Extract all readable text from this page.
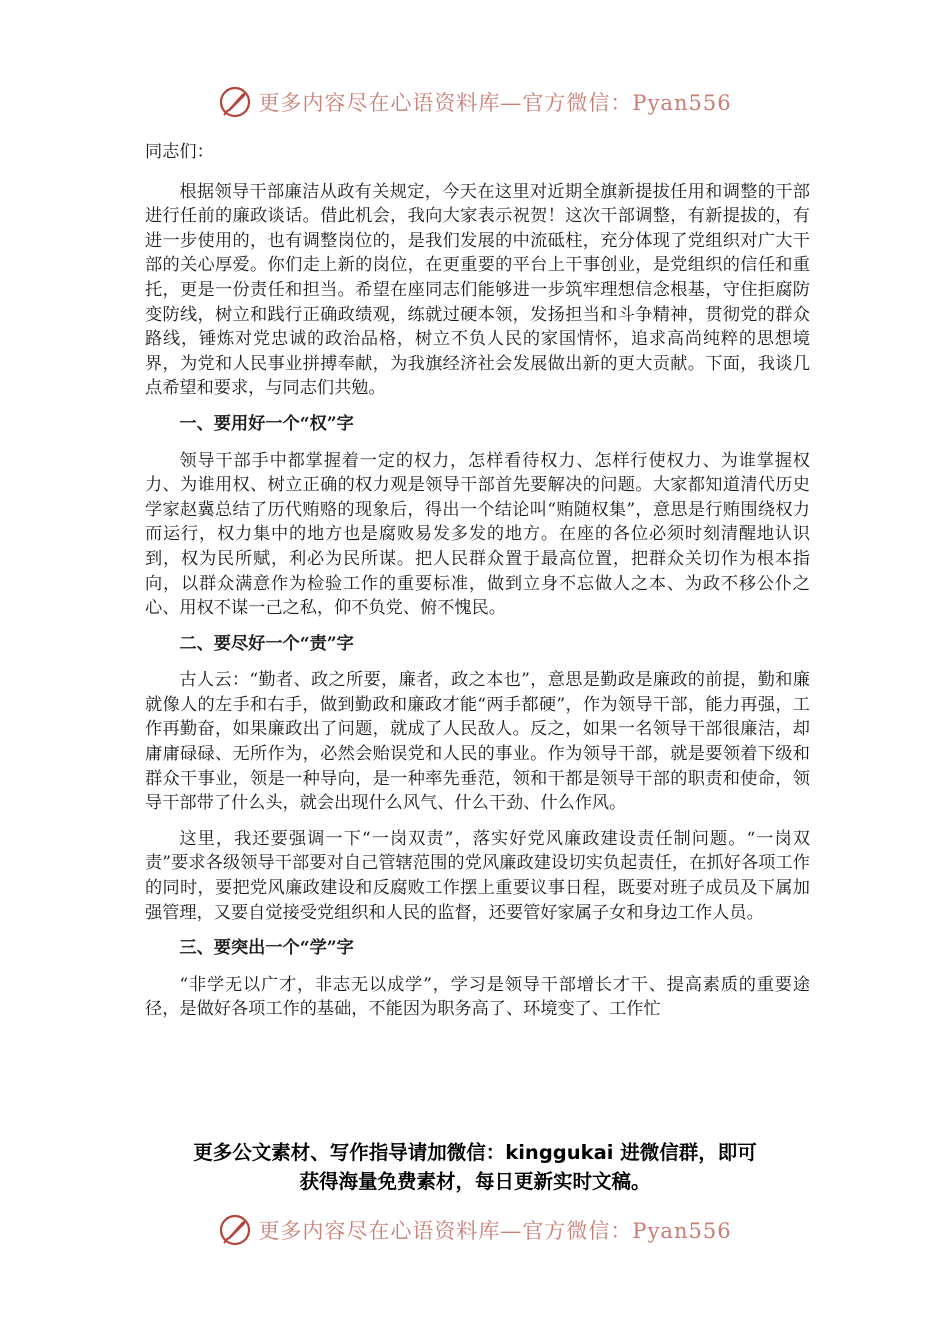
更多内容尽在心语资料库—官方微信：Pyan556

同志们：

根据领导干部廉洁从政有关规定，今天在这里对近期全旗新提拔任用和调整的干部进行任前的廉政谈话。借此机会，我向大家表示祝贺！这次干部调整，有新提拔的，有进一步使用的，也有调整岗位的，是我们发展的中流砥柱，充分体现了党组织对广大干部的关心厚爱。你们走上新的岗位，在更重要的平台上干事创业，是党组织的信任和重托，更是一份责任和担当。希望在座同志们能够进一步筑牢理想信念根基，守住拒腐防变防线，树立和践行正确政绩观，练就过硬本领，发扬担当和斗争精神，贯彻党的群众路线，锤炼对党忠诚的政治品格，树立不负人民的家国情怀，追求高尚纯粹的思想境界，为党和人民事业拼搏奉献，为我旗经济社会发展做出新的更大贡献。下面，我谈几点希望和要求，与同志们共勉。

一、要用好一个“权”字

领导干部手中都掌握着一定的权力，怎样看待权力、怎样行使权力、为谁掌握权力、为谁用权、树立正确的权力观是领导干部首先要解决的问题。大家都知道清代历史学家赵冀总结了历代贿赂的现象后，得出一个结论叫“贿随权集”，意思是行贿围绕权力而运行，权力集中的地方也是腐败易发多发的地方。在座的各位必须时刻清醒地认识到，权为民所赋，利必为民所谋。把人民群众置于最高位置，把群众关切作为根本指向，以群众满意作为检验工作的重要标准，做到立身不忘做人之本、为政不移公仆之心、用权不谋一己之私，仰不负党、俯不愧民。

二、要尽好一个“责”字

古人云：“勤者、政之所要，廉者，政之本也”，意思是勤政是廉政的前提，勤和廉就像人的左手和右手，做到勤政和廉政才能“两手都硬”，作为领导干部，能力再强，工作再勤奋，如果廉政出了问题，就成了人民敌人。反之，如果一名领导干部很廉洁，却庸庸碌碌、无所作为，必然会贻误党和人民的事业。作为领导干部，就是要领着下级和群众干事业，领是一种导向，是一种率先垂范，领和干都是领导干部的职责和使命，领导干部带了什么头，就会出现什么风气、什么干劲、什么作风。

这里，我还要强调一下“一岗双责”，落实好党风廉政建设责任制问题。“一岗双责”要求各级领导干部要对自己管辖范围的党风廉政建设切实负起责任，在抓好各项工作的同时，要把党风廉政建设和反腐败工作摆上重要议事日程，既要对班子成员及下属加强管理，又要自觉接受党组织和人民的监督，还要管好家属子女和身边工作人员。

三、要突出一个“学”字

“非学无以广才，非志无以成学”，学习是领导干部增长才干、提高素质的重要途径，是做好各项工作的基础，不能因为职务高了、环境变了、工作忙

更多公文素材、写作指导请加微信：kinggukai 进微信群，即可
获得海量免费素材，每日更新实时文稿。
更多内容尽在心语资料库—官方微信：Pyan556
